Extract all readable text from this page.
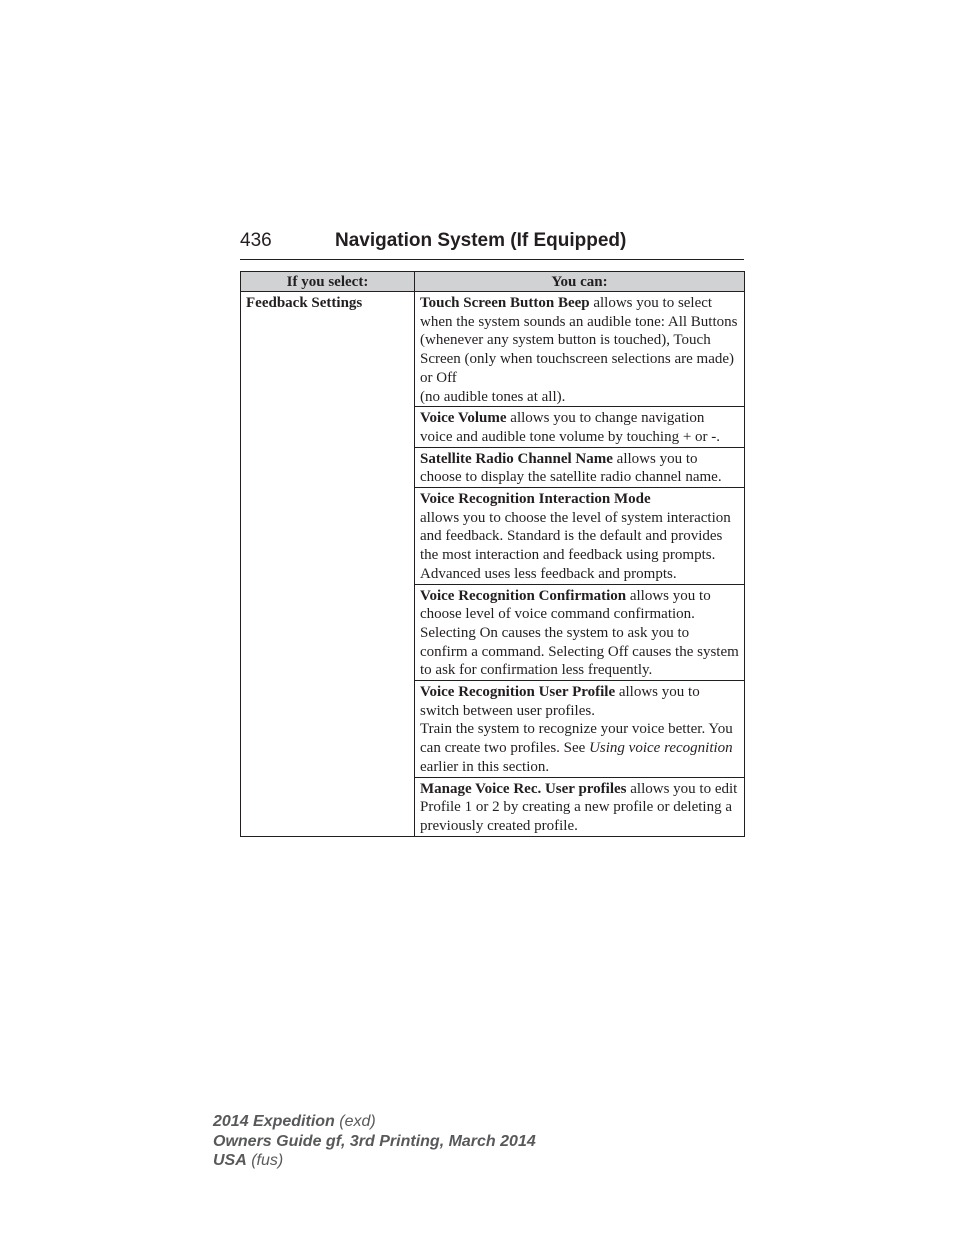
436	Navigation System (If Equipped)
If you select:	You can:
Feedback Settings	Touch Screen Button Beep allows you to select when the system sounds an audible tone: All Buttons (whenever any system button is touched), Touch Screen (only when touchscreen selections are made) or Off
(no audible tones at all).

	Voice Volume allows you to change navigation voice and audible tone volume by touching + or -.
	Satellite Radio Channel Name allows you to choose to display the satellite radio channel name.

	Voice Recognition Interaction Mode
allows you to choose the level of system interaction and feedback. Standard is the default and provides the most interaction and feedback using prompts. Advanced uses less feedback and prompts.
	Voice Recognition Confirmation allows you to choose level of voice command confirmation. Selecting On causes the system to ask you to confirm a command. Selecting Off causes the system to ask for confirmation less frequently.
	Voice Recognition User Profile allows you to switch between user profiles.
Train the system to recognize your voice better. You can create two profiles. See Using voice recognition earlier in this section.

	Manage Voice Rec. User profiles allows you to edit Profile 1 or 2 by creating a new profile or deleting a previously created profile.
2014 Expedition (exd)
Owners Guide gf, 3rd Printing, March 2014
USA (fus)
